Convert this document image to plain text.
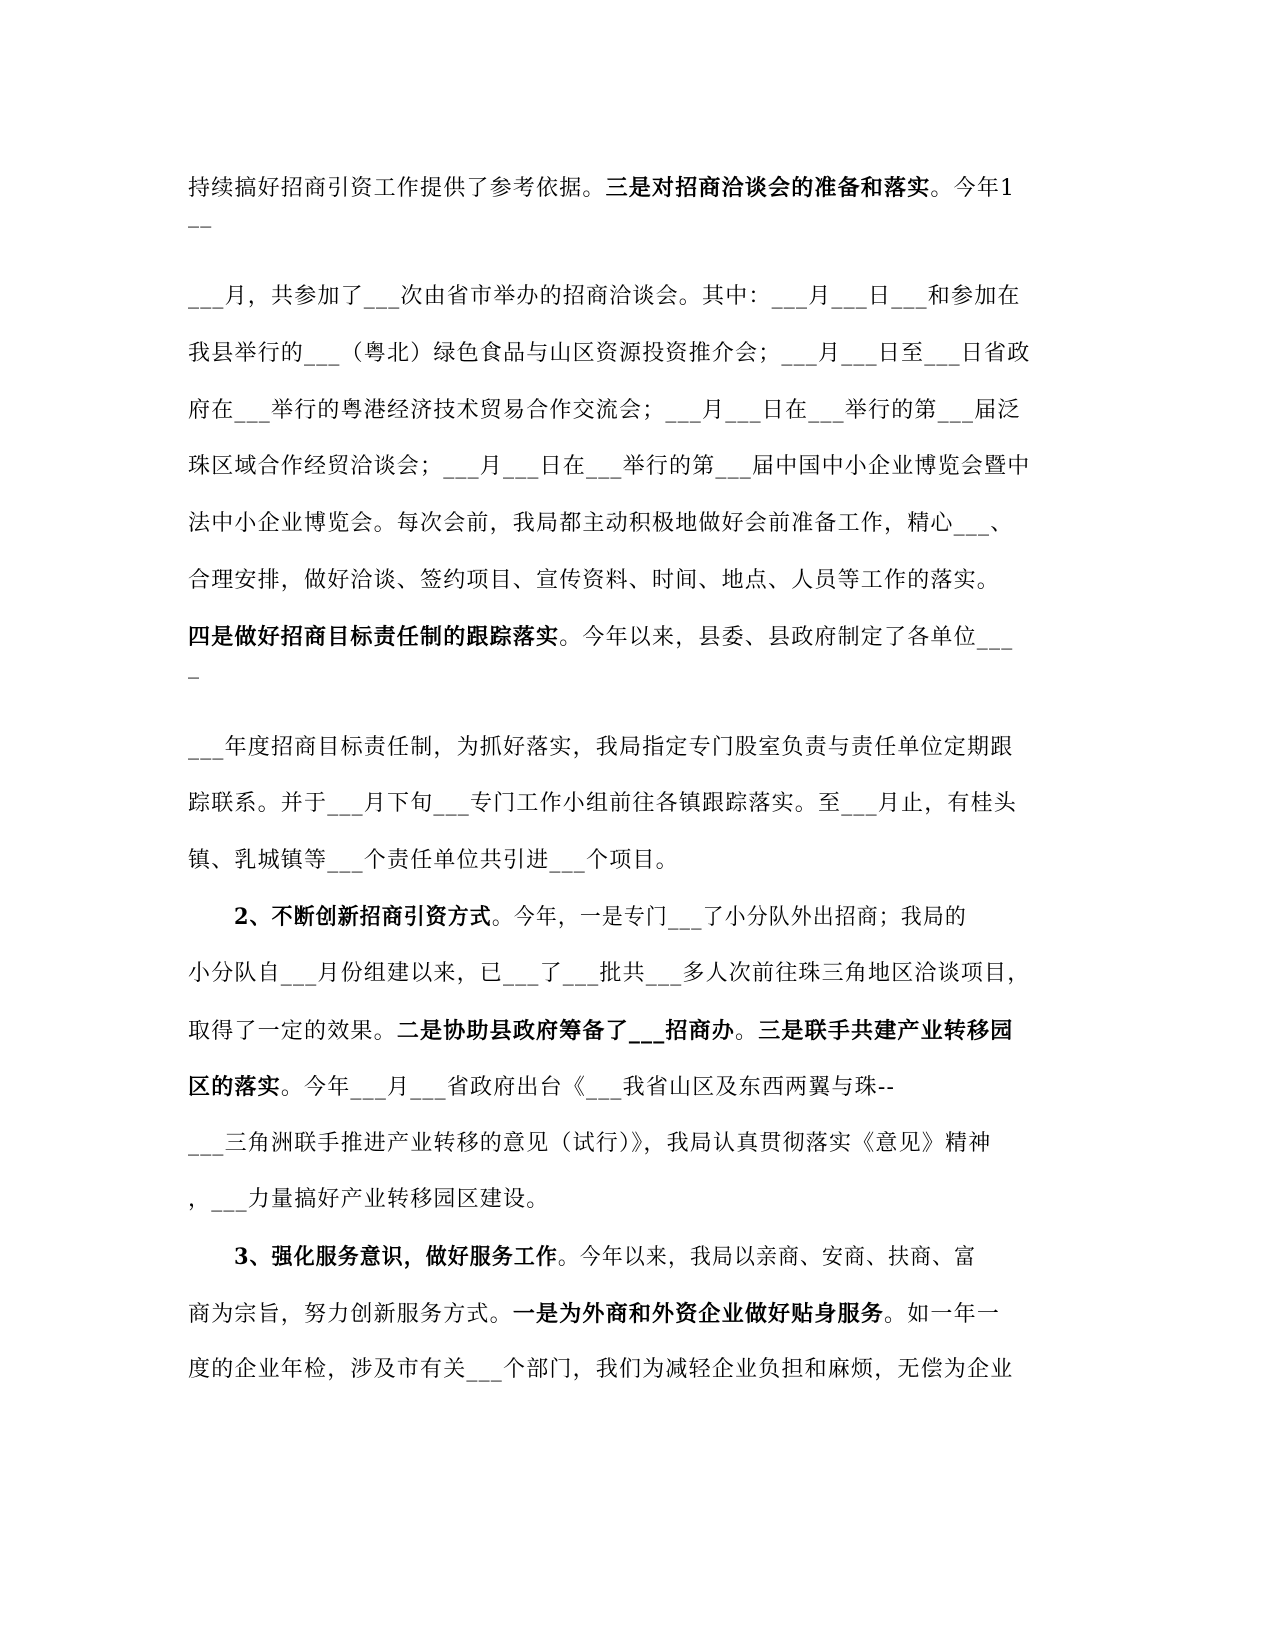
持续搞好招商引资工作提供了参考依据。三是对招商洽谈会的准备和落实。今年1
__
___月，共参加了___次由省市举办的招商洽谈会。其中：___月___日___和参加在
我县举行的___（粤北）绿色食品与山区资源投资推介会；___月___日至___日省政
府在___举行的粤港经济技术贸易合作交流会；___月___日在___举行的第___届泛
珠区域合作经贸洽谈会；___月___日在___举行的第___届中国中小企业博览会暨中
法中小企业博览会。每次会前，我局都主动积极地做好会前准备工作，精心___、
合理安排，做好洽谈、签约项目、宣传资料、时间、地点、人员等工作的落实。
四是做好招商目标责任制的跟踪落实。今年以来，县委、县政府制定了各单位___
_
___年度招商目标责任制，为抓好落实，我局指定专门股室负责与责任单位定期跟
踪联系。并于___月下旬___专门工作小组前往各镇跟踪落实。至___月止，有桂头
镇、乳城镇等___个责任单位共引进___个项目。
2、不断创新招商引资方式。今年，一是专门___了小分队外出招商；我局的
小分队自___月份组建以来，已___了___批共___多人次前往珠三角地区洽谈项目，
取得了一定的效果。二是协助县政府筹备了___招商办。三是联手共建产业转移园
区的落实。今年___月___省政府出台《___我省山区及东西两翼与珠--
___三角洲联手推进产业转移的意见（试行）》，我局认真贯彻落实《意见》精神
，___力量搞好产业转移园区建设。
3、强化服务意识，做好服务工作。今年以来，我局以亲商、安商、扶商、富
商为宗旨，努力创新服务方式。一是为外商和外资企业做好贴身服务。如一年一
度的企业年检，涉及市有关___个部门，我们为减轻企业负担和麻烦，无偿为企业
